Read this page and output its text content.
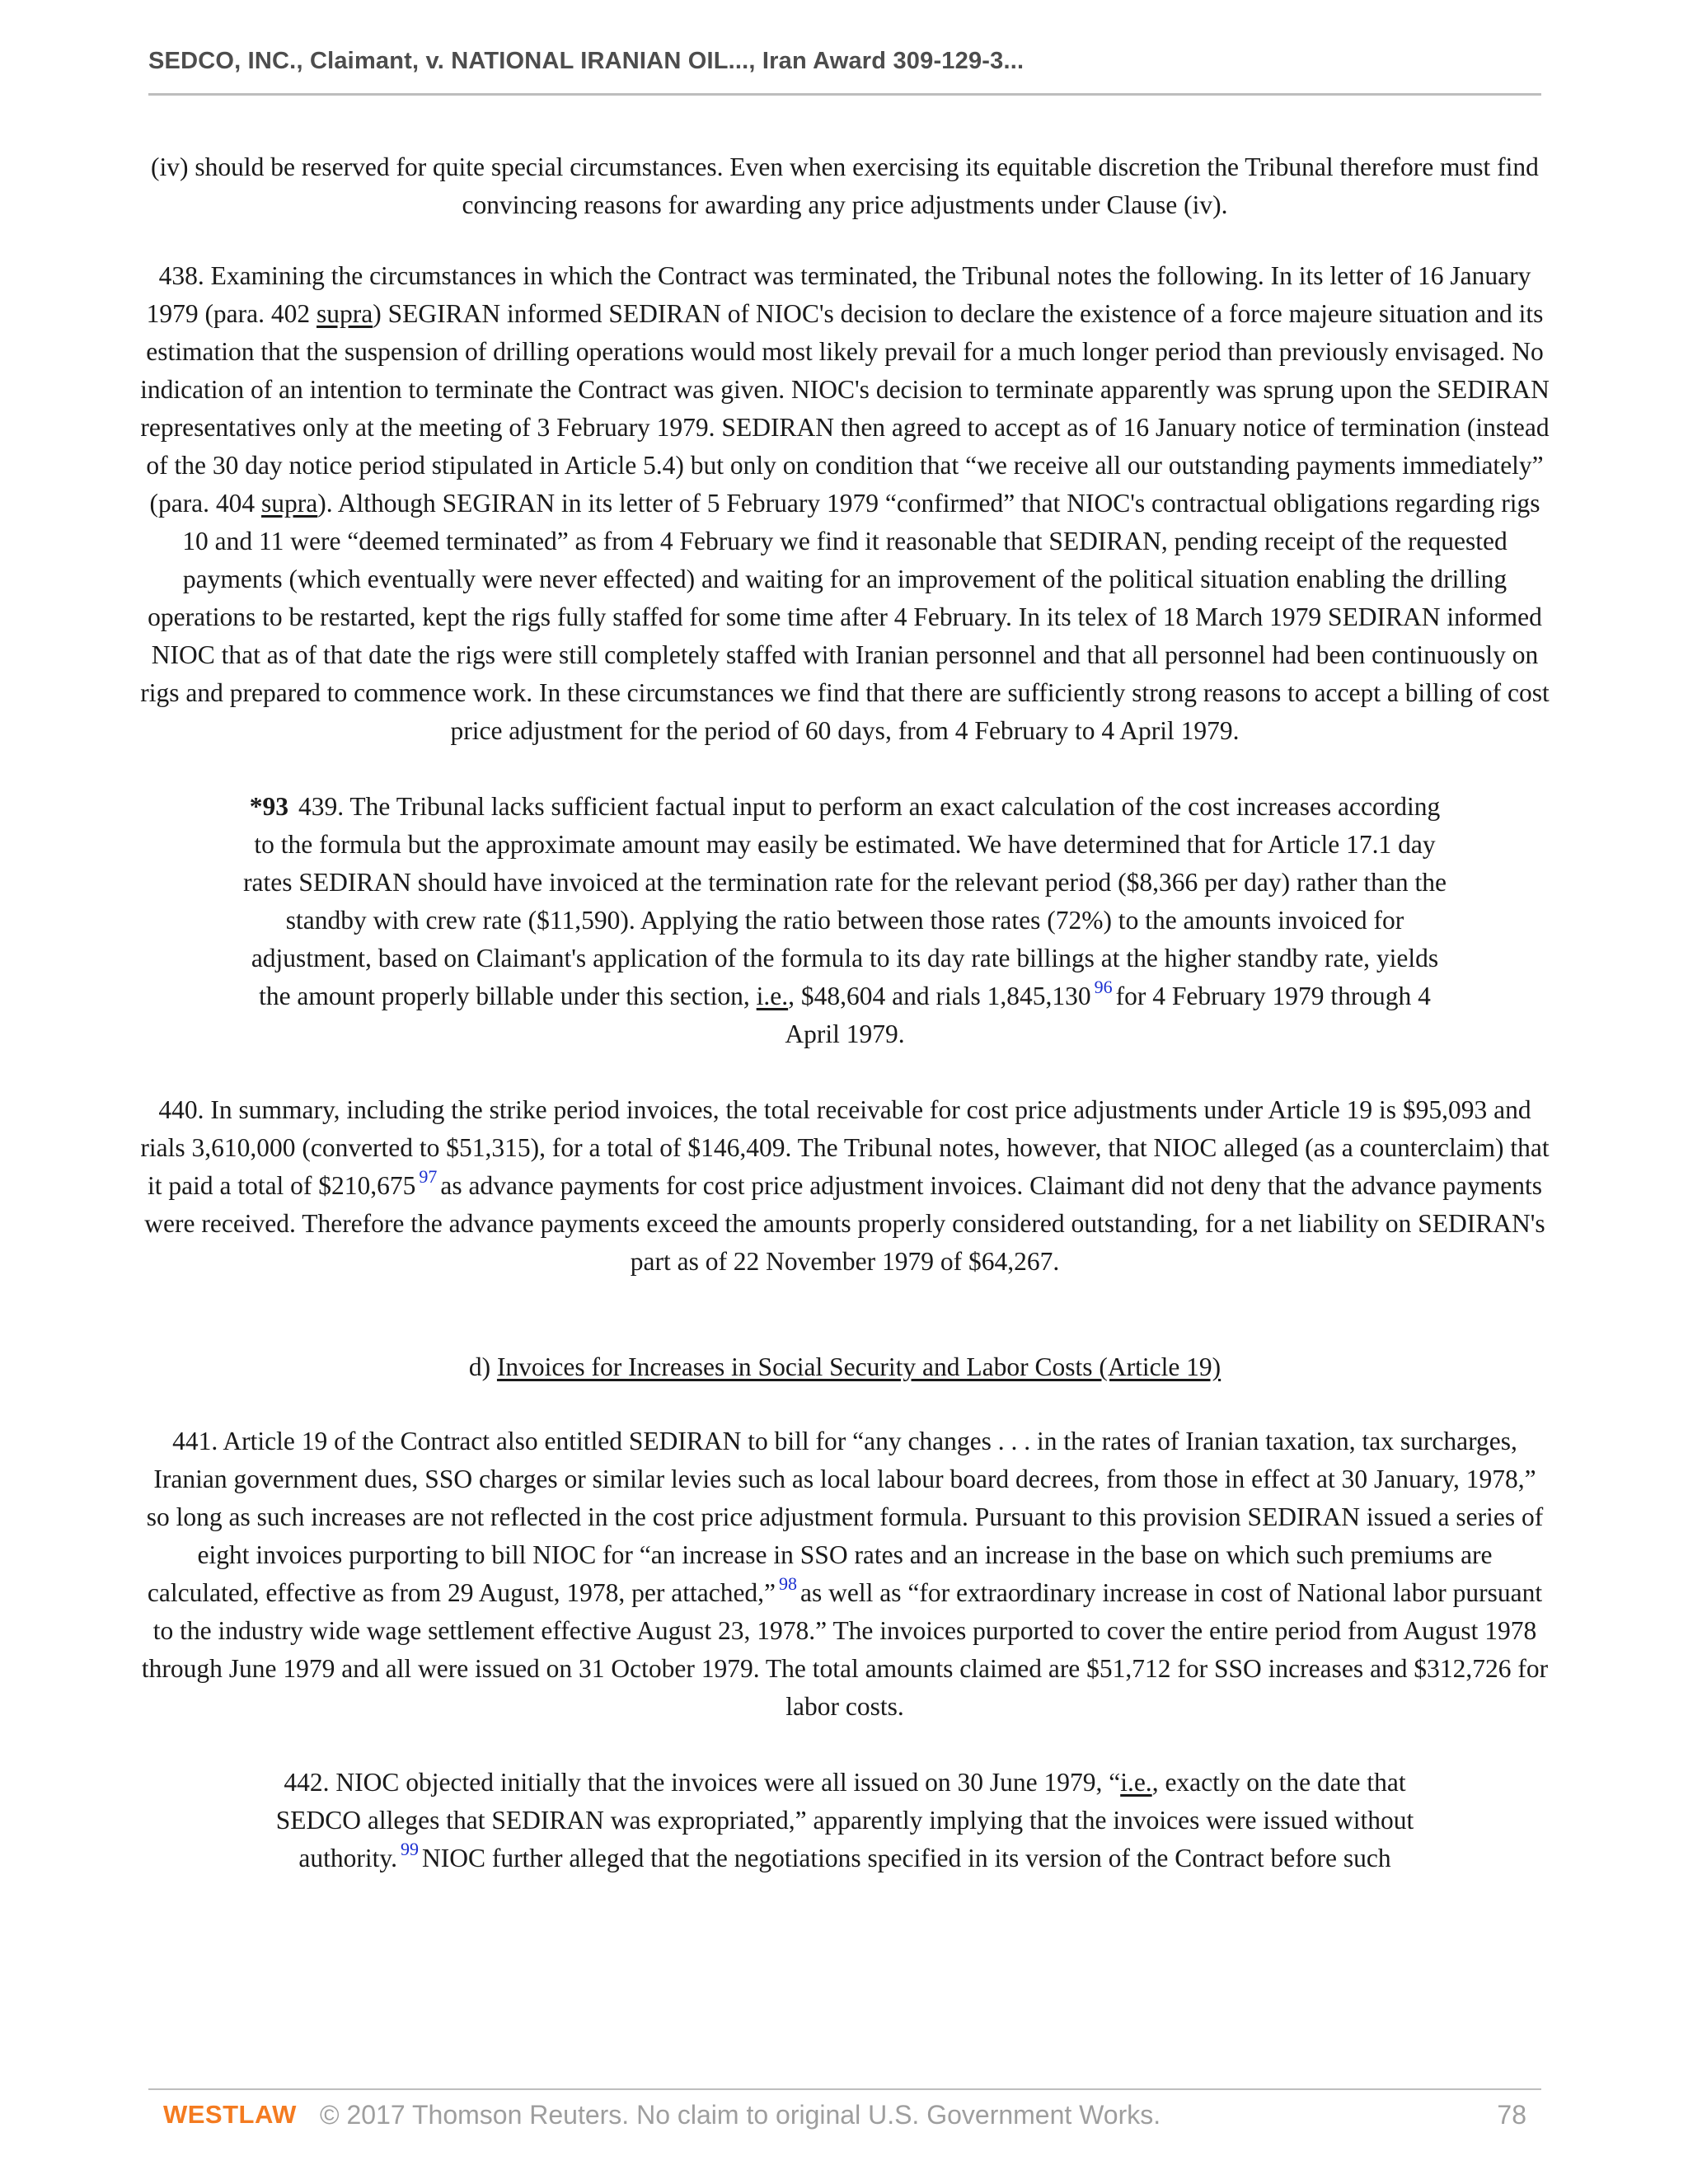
SEDCO, INC., Claimant, v. NATIONAL IRANIAN OIL..., Iran Award 309-129-3...

(iv) should be reserved for quite special circumstances. Even when exercising its equitable discretion the Tribunal therefore must find convincing reasons for awarding any price adjustments under Clause (iv).

438. Examining the circumstances in which the Contract was terminated, the Tribunal notes the following. In its letter of 16 January 1979 (para. 402 supra) SEGIRAN informed SEDIRAN of NIOC's decision to declare the existence of a force majeure situation and its estimation that the suspension of drilling operations would most likely prevail for a much longer period than previously envisaged. No indication of an intention to terminate the Contract was given. NIOC's decision to terminate apparently was sprung upon the SEDIRAN representatives only at the meeting of 3 February 1979. SEDIRAN then agreed to accept as of 16 January notice of termination (instead of the 30 day notice period stipulated in Article 5.4) but only on condition that “we receive all our outstanding payments immediately” (para. 404 supra). Although SEGIRAN in its letter of 5 February 1979 “confirmed” that NIOC's contractual obligations regarding rigs 10 and 11 were “deemed terminated” as from 4 February we find it reasonable that SEDIRAN, pending receipt of the requested payments (which eventually were never effected) and waiting for an improvement of the political situation enabling the drilling operations to be restarted, kept the rigs fully staffed for some time after 4 February. In its telex of 18 March 1979 SEDIRAN informed NIOC that as of that date the rigs were still completely staffed with Iranian personnel and that all personnel had been continuously on rigs and prepared to commence work. In these circumstances we find that there are sufficiently strong reasons to accept a billing of cost price adjustment for the period of 60 days, from 4 February to 4 April 1979.

*93 439. The Tribunal lacks sufficient factual input to perform an exact calculation of the cost increases according to the formula but the approximate amount may easily be estimated. We have determined that for Article 17.1 day rates SEDIRAN should have invoiced at the termination rate for the relevant period ($8,366 per day) rather than the standby with crew rate ($11,590). Applying the ratio between those rates (72%) to the amounts invoiced for adjustment, based on Claimant's application of the formula to its day rate billings at the higher standby rate, yields the amount properly billable under this section, i.e., $48,604 and rials 1,845,130 $^{96}$ for 4 February 1979 through 4 April 1979.

440. In summary, including the strike period invoices, the total receivable for cost price adjustments under Article 19 is $95,093 and rials 3,610,000 (converted to $51,315), for a total of $146,409. The Tribunal notes, however, that NIOC alleged (as a counterclaim) that it paid a total of $210,675 $^{97}$ as advance payments for cost price adjustment invoices. Claimant did not deny that the advance payments were received. Therefore the advance payments exceed the amounts properly considered outstanding, for a net liability on SEDIRAN's part as of 22 November 1979 of $64,267.

d) Invoices for Increases in Social Security and Labor Costs (Article 19)

441. Article 19 of the Contract also entitled SEDIRAN to bill for “any changes . . . in the rates of Iranian taxation, tax surcharges, Iranian government dues, SSO charges or similar levies such as local labour board decrees, from those in effect at 30 January, 1978,” so long as such increases are not reflected in the cost price adjustment formula. Pursuant to this provision SEDIRAN issued a series of eight invoices purporting to bill NIOC for “an increase in SSO rates and an increase in the base on which such premiums are calculated, effective as from 29 August, 1978, per attached,” $^{98}$ as well as “for extraordinary increase in cost of National labor pursuant to the industry wide wage settlement effective August 23, 1978.” The invoices purported to cover the entire period from August 1978 through June 1979 and all were issued on 31 October 1979. The total amounts claimed are $51,712 for SSO increases and $312,726 for labor costs.

442. NIOC objected initially that the invoices were all issued on 30 June 1979, “i.e., exactly on the date that SEDCO alleges that SEDIRAN was expropriated,” apparently implying that the invoices were issued without authority. $^{99}$ NIOC further alleged that the negotiations specified in its version of the Contract before such

WESTLAW © 2017 Thomson Reuters. No claim to original U.S. Government Works.	78
